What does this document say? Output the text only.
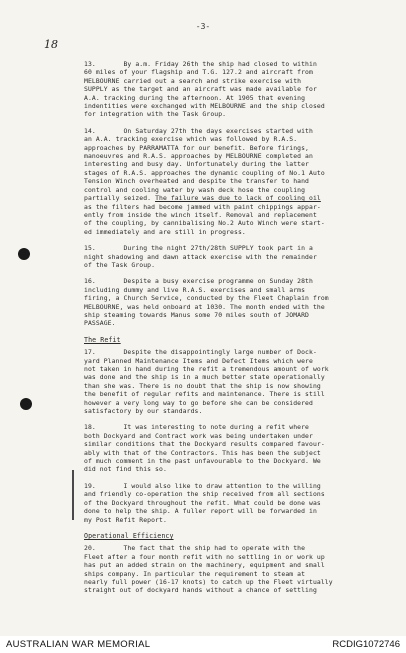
-3-
18

13.       By a.m. Friday 26th the ship had closed to within
60 miles of your flagship and T.G. 127.2 and aircraft from
MELBOURNE carried out a search and strike exercise with
SUPPLY as the target and an aircraft was made available for
A.A. tracking during the afternoon. At 1905 that evening
indentities were exchanged with MELBOURNE and the ship closed
for integration with the Task Group.

14.       On Saturday 27th the days exercises started with
an A.A. tracking exercise which was followed by R.A.S.
approaches by PARRAMATTA for our benefit. Before firings,
manoeuvres and R.A.S. approaches by MELBOURNE completed an
interesting and busy day. Unfortunately during the latter
stages of R.A.S. approaches the dynamic coupling of No.1 Auto
Tension Winch overheated and despite the transfer to hand
control and cooling water by wash deck hose the coupling
partially seized. The failure was due to lack of cooling oil
as the filters had become jammed with paint chippings appar-
ently from inside the winch itself. Removal and replacement
of the coupling, by cannibalising No.2 Auto Winch were start-
ed immediately and are still in progress.

15.       During the night 27th/28th SUPPLY took part in a
night shadowing and dawn attack exercise with the remainder
of the Task Group.

16.       Despite a busy exercise programme on Sunday 28th
including dummy and live R.A.S. exercises and small arms
firing, a Church Service, conducted by the Fleet Chaplain from
MELBOURNE, was held onboard at 1030. The month ended with the
ship steaming towards Manus some 70 miles south of JOMARD
PASSAGE.

The Refit

17.       Despite the disappointingly large number of Dock-
yard Planned Maintenance Items and Defect Items which were
not taken in hand during the refit a tremendous amount of work
was done and the ship is in a much better state operationally
than she was. There is no doubt that the ship is now showing
the benefit of regular refits and maintenance. There is still
however a very long way to go before she can be considered
satisfactory by our standards.

18.       It was interesting to note during a refit where
both Dockyard and Contract work was being undertaken under
similar conditions that the Dockyard results compared favour-
ably with that of the Contractors. This has been the subject
of much comment in the past unfavourable to the Dockyard. We
did not find this so.

19.       I would also like to draw attention to the willing
and friendly co-operation the ship received from all sections
of the Dockyard throughout the refit. What could be done was
done to help the ship. A fuller report will be forwarded in
my Post Refit Report.

Operational Efficiency

20.       The fact that the ship had to operate with the
Fleet after a four month refit with no settling in or work up
has put an added strain on the machinery, equipment and small
ships company. In particular the requirement to steam at
nearly full power (16-17 knots) to catch up the Fleet virtually
straight out of dockyard hands without a chance of settling

AUSTRALIAN WAR MEMORIAL	RCDIG1072746
